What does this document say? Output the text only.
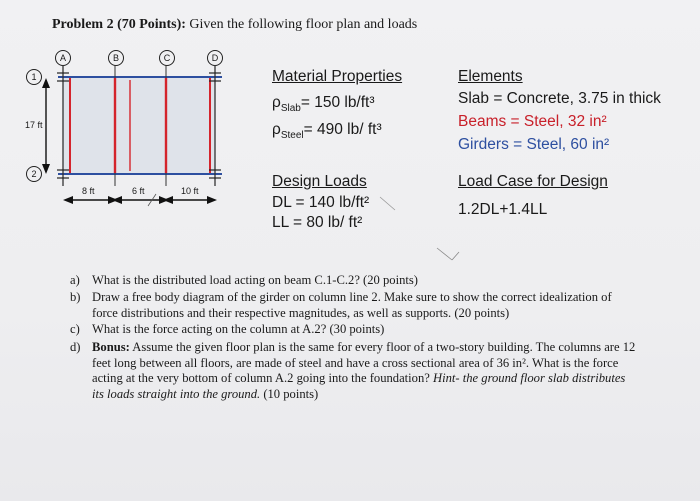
Problem 2 (70 Points): Given the following floor plan and loads
A	B	C	D
1
2
17 ft
8 ft	6 ft	10 ft
Material Properties
$\rho_{Slab}= 150$ lb/ft³
$\rho_{Steel}= 490$ lb/ ft³
Elements
Slab = Concrete, 3.75 in thick
Beams = Steel, 32 in²
Girders = Steel, 60 in²
Design Loads
DL = 140 lb/ft²
LL = 80 lb/ ft²
Load Case for Design
1.2DL+1.4LL
a) What is the distributed load acting on beam C.1-C.2? (20 points)
b) Draw a free body diagram of the girder on column line 2. Make sure to show the correct idealization of force distributions and their respective magnitudes, as well as supports. (20 points)
c) What is the force acting on the column at A.2? (30 points)
d) Bonus: Assume the given floor plan is the same for every floor of a two-story building. The columns are 12 feet long between all floors, are made of steel and have a cross sectional area of 36 in². What is the force acting at the very bottom of column A.2 going into the foundation? Hint- the ground floor slab distributes its loads straight into the ground. (10 points)
